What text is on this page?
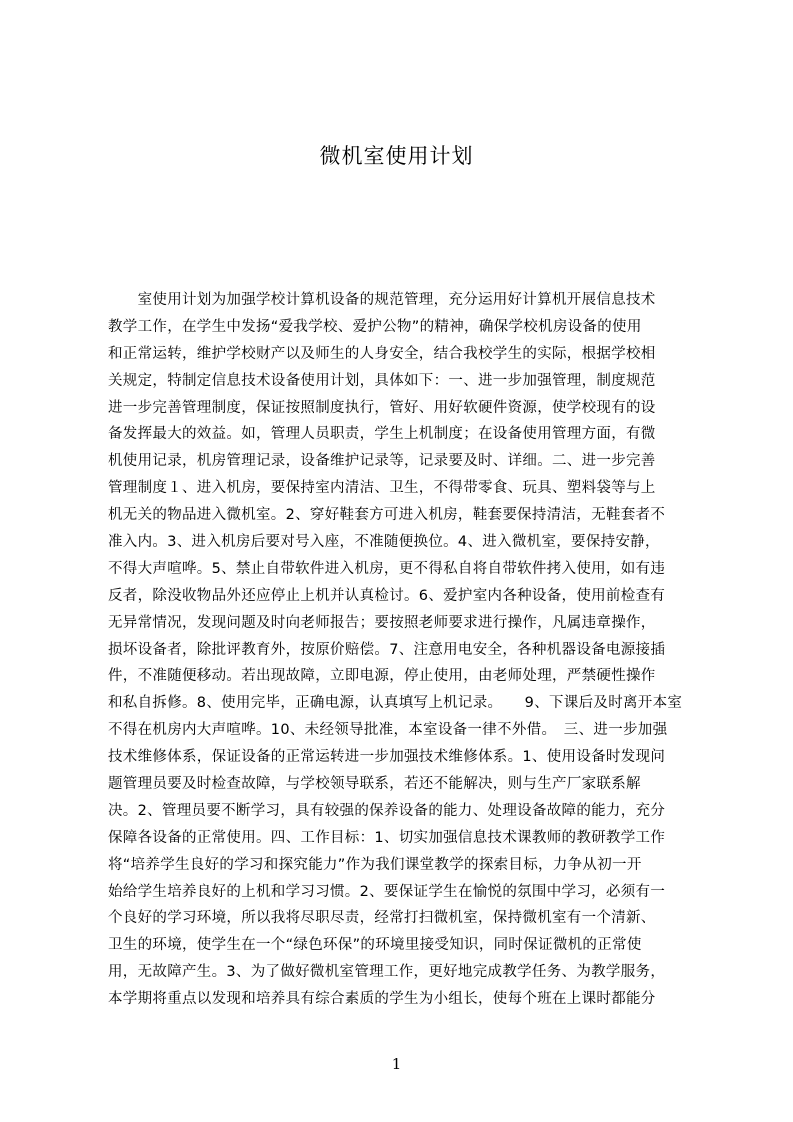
微机室使用计划
　　室使用计划为加强学校计算机设备的规范管理，充分运用好计算机开展信息技术
教学工作，在学生中发扬“爱我学校、爱护公物”的精神，确保学校机房设备的使用
和正常运转，维护学校财产以及师生的人身安全，结合我校学生的实际，根据学校相
关规定，特制定信息技术设备使用计划，具体如下：一、进一步加强管理，制度规范
进一步完善管理制度，保证按照制度执行，管好、用好软硬件资源，使学校现有的设
备发挥最大的效益。如，管理人员职责，学生上机制度；在设备使用管理方面，有微
机使用记录，机房管理记录，设备维护记录等，记录要及时、详细。二、进一步完善
管理制度１、进入机房，要保持室内清洁、卫生，不得带零食、玩具、塑料袋等与上
机无关的物品进入微机室。2、穿好鞋套方可进入机房，鞋套要保持清洁，无鞋套者不
准入内。3、进入机房后要对号入座，不准随便换位。4、进入微机室，要保持安静，
不得大声喧哗。5、禁止自带软件进入机房，更不得私自将自带软件拷入使用，如有违
反者，除没收物品外还应停止上机并认真检讨。6、爱护室内各种设备，使用前检查有
无异常情况，发现问题及时向老师报告；要按照老师要求进行操作，凡属违章操作，
损坏设备者，除批评教育外，按原价赔偿。7、注意用电安全，各种机器设备电源接插
件，不准随便移动。若出现故障，立即电源，停止使用，由老师处理，严禁硬性操作
和私自拆修。8、使用完毕，正确电源，认真填写上机记录。　　9、下课后及时离开本室
不得在机房内大声喧哗。10、未经领导批准，本室设备一律不外借。　三、进一步加强
技术维修体系，保证设备的正常运转进一步加强技术维修体系。1、使用设备时发现问
题管理员要及时检查故障，与学校领导联系，若还不能解决，则与生产厂家联系解
决。2、管理员要不断学习，具有较强的保养设备的能力、处理设备故障的能力，充分
保障各设备的正常使用。四、工作目标：1、切实加强信息技术课教师的教研教学工作
将“培养学生良好的学习和探究能力”作为我们课堂教学的探索目标，力争从初一开
始给学生培养良好的上机和学习习惯。2、要保证学生在愉悦的氛围中学习，必须有一
个良好的学习环境，所以我将尽职尽责，经常打扫微机室，保持微机室有一个清新、
卫生的环境，使学生在一个“绿色环保”的环境里接受知识，同时保证微机的正常使
用，无故障产生。3、为了做好微机室管理工作，更好地完成教学任务、为教学服务，
本学期将重点以发现和培养具有综合素质的学生为小组长，使每个班在上课时都能分
1
